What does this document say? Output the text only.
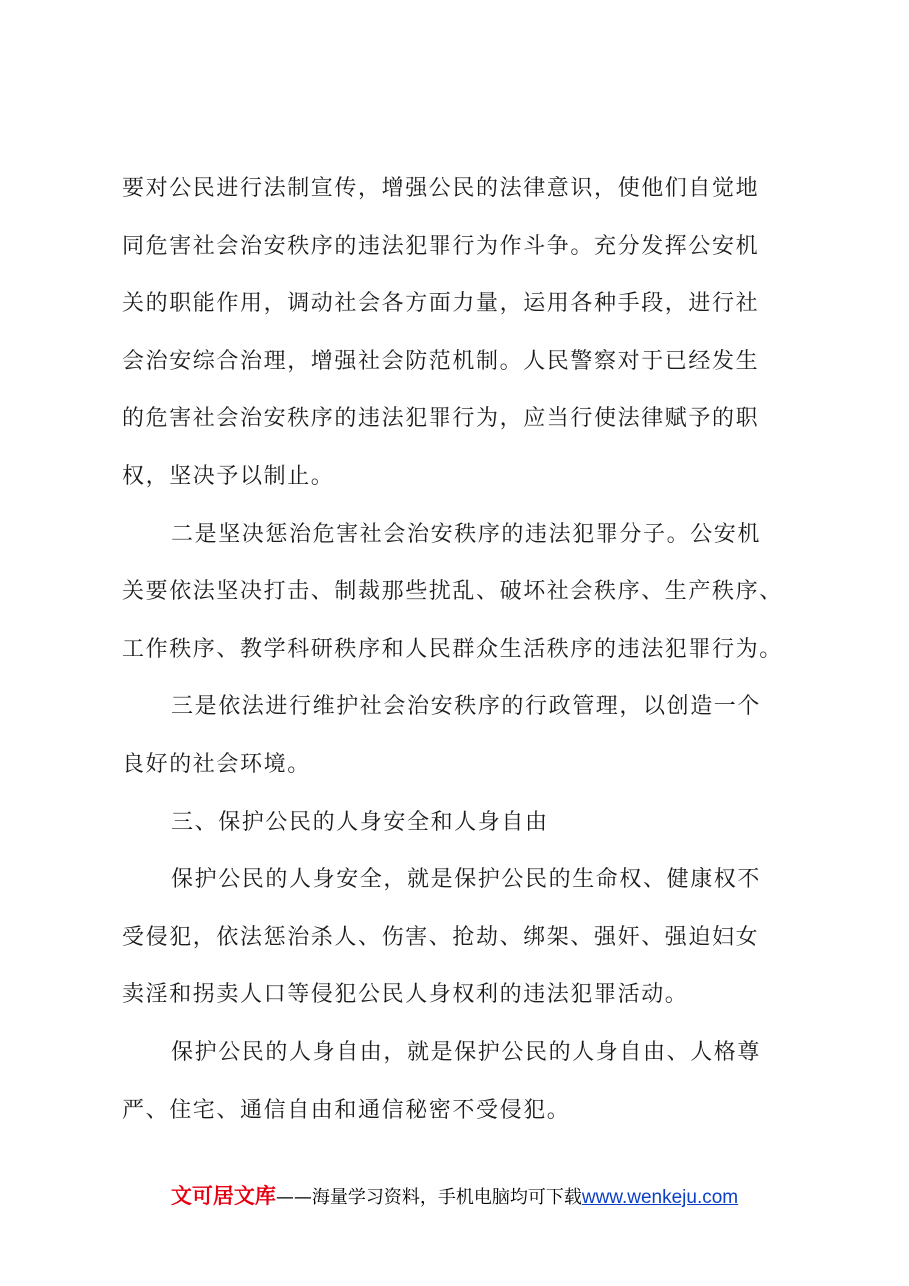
要对公民进行法制宣传，增强公民的法律意识，使他们自觉地
同危害社会治安秩序的违法犯罪行为作斗争。充分发挥公安机
关的职能作用，调动社会各方面力量，运用各种手段，进行社
会治安综合治理，增强社会防范机制。人民警察对于已经发生
的危害社会治安秩序的违法犯罪行为，应当行使法律赋予的职
权，坚决予以制止。
二是坚决惩治危害社会治安秩序的违法犯罪分子。公安机
关要依法坚决打击、制裁那些扰乱、破坏社会秩序、生产秩序、
工作秩序、教学科研秩序和人民群众生活秩序的违法犯罪行为。
三是依法进行维护社会治安秩序的行政管理，以创造一个
良好的社会环境。
三、保护公民的人身安全和人身自由
保护公民的人身安全，就是保护公民的生命权、健康权不
受侵犯，依法惩治杀人、伤害、抢劫、绑架、强奸、强迫妇女
卖淫和拐卖人口等侵犯公民人身权利的违法犯罪活动。
保护公民的人身自由，就是保护公民的人身自由、人格尊
严、住宅、通信自由和通信秘密不受侵犯。
文可居文库——海量学习资料，手机电脑均可下载www.wenkeju.com
